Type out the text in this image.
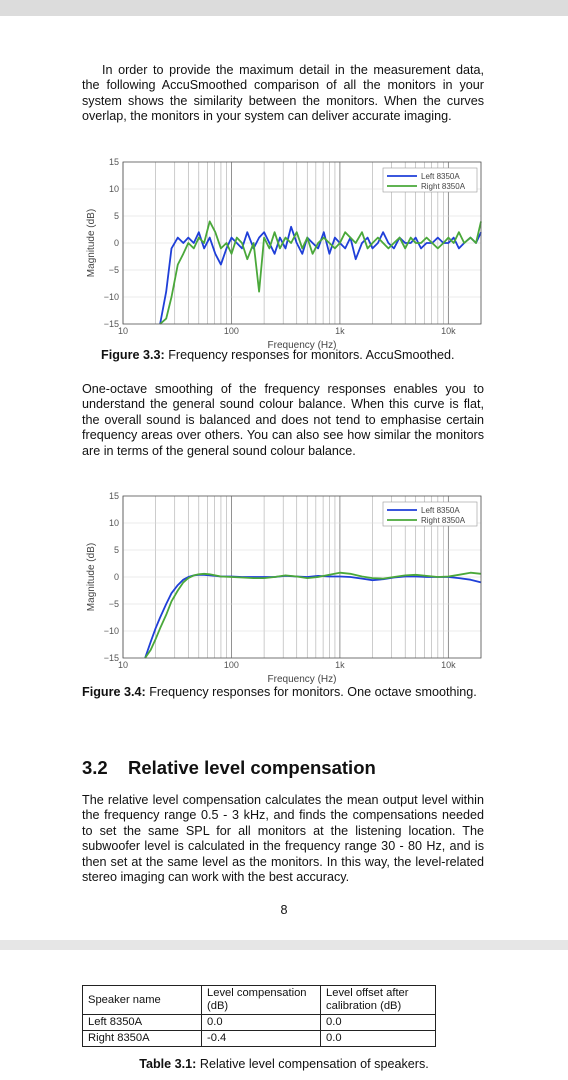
In order to provide the maximum detail in the measurement data, the following AccuSmoothed comparison of all the monitors in your system shows the similarity between the monitors. When the curves overlap, the monitors in your system can deliver accurate imaging.

−15
−10
−5
0
5
10
15
10	100	1k	10k
Frequency (Hz)
Magnitude (dB)
Left 8350A
Right 8350A

Figure 3.3: Frequency responses for monitors. AccuSmoothed.

One-octave smoothing of the frequency responses enables you to understand the general sound colour balance. When this curve is flat, the overall sound is balanced and does not tend to emphasise certain frequency areas over others. You can also see how similar the monitors are in terms of the general sound colour balance.

−15
−10
−5
0
5
10
15
10	100	1k	10k
Frequency (Hz)
Magnitude (dB)
Left 8350A
Right 8350A

Figure 3.4: Frequency responses for monitors. One octave smoothing.

3.2 Relative level compensation

The relative level compensation calculates the mean output level within the frequency range 0.5 - 3 kHz, and finds the compensations needed to set the same SPL for all monitors at the listening location. The subwoofer level is calculated in the frequency range 30 - 80 Hz, and is then set at the same level as the monitors. In this way, the level-related stereo imaging can work with the best accuracy.

8
Speaker name	Level compensation (dB)	Level offset after calibration (dB)
Left 8350A	0.0	0.0
Right 8350A	-0.4	0.0
Table 3.1: Relative level compensation of speakers.
